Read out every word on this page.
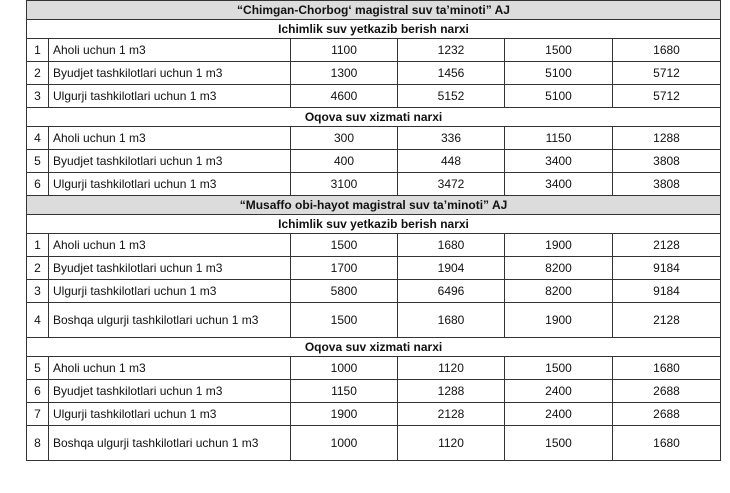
“Chimgan-Chorbog‘ magistral suv ta’minoti” AJ					
Ichimlik suv yetkazib berish narxi					
1	Aholi uchun 1 m3	1100	1232	1500	1680
2	Byudjet tashkilotlari uchun 1 m3	1300	1456	5100	5712
3	Ulgurji tashkilotlari uchun 1 m3	4600	5152	5100	5712
Oqova suv xizmati narxi					
4	Aholi uchun 1 m3	300	336	1150	1288
5	Byudjet tashkilotlari uchun 1 m3	400	448	3400	3808
6	Ulgurji tashkilotlari uchun 1 m3	3100	3472	3400	3808
“Musaffo obi-hayot magistral suv ta’minoti” AJ					
Ichimlik suv yetkazib berish narxi					
1	Aholi uchun 1 m3	1500	1680	1900	2128
2	Byudjet tashkilotlari uchun 1 m3	1700	1904	8200	9184
3	Ulgurji tashkilotlari uchun 1 m3	5800	6496	8200	9184
4	Boshqa ulgurji tashkilotlari uchun 1 m3	1500	1680	1900	2128
Oqova suv xizmati narxi					
5	Aholi uchun 1 m3	1000	1120	1500	1680
6	Byudjet tashkilotlari uchun 1 m3	1150	1288	2400	2688
7	Ulgurji tashkilotlari uchun 1 m3	1900	2128	2400	2688
8	Boshqa ulgurji tashkilotlari uchun 1 m3	1000	1120	1500	1680
